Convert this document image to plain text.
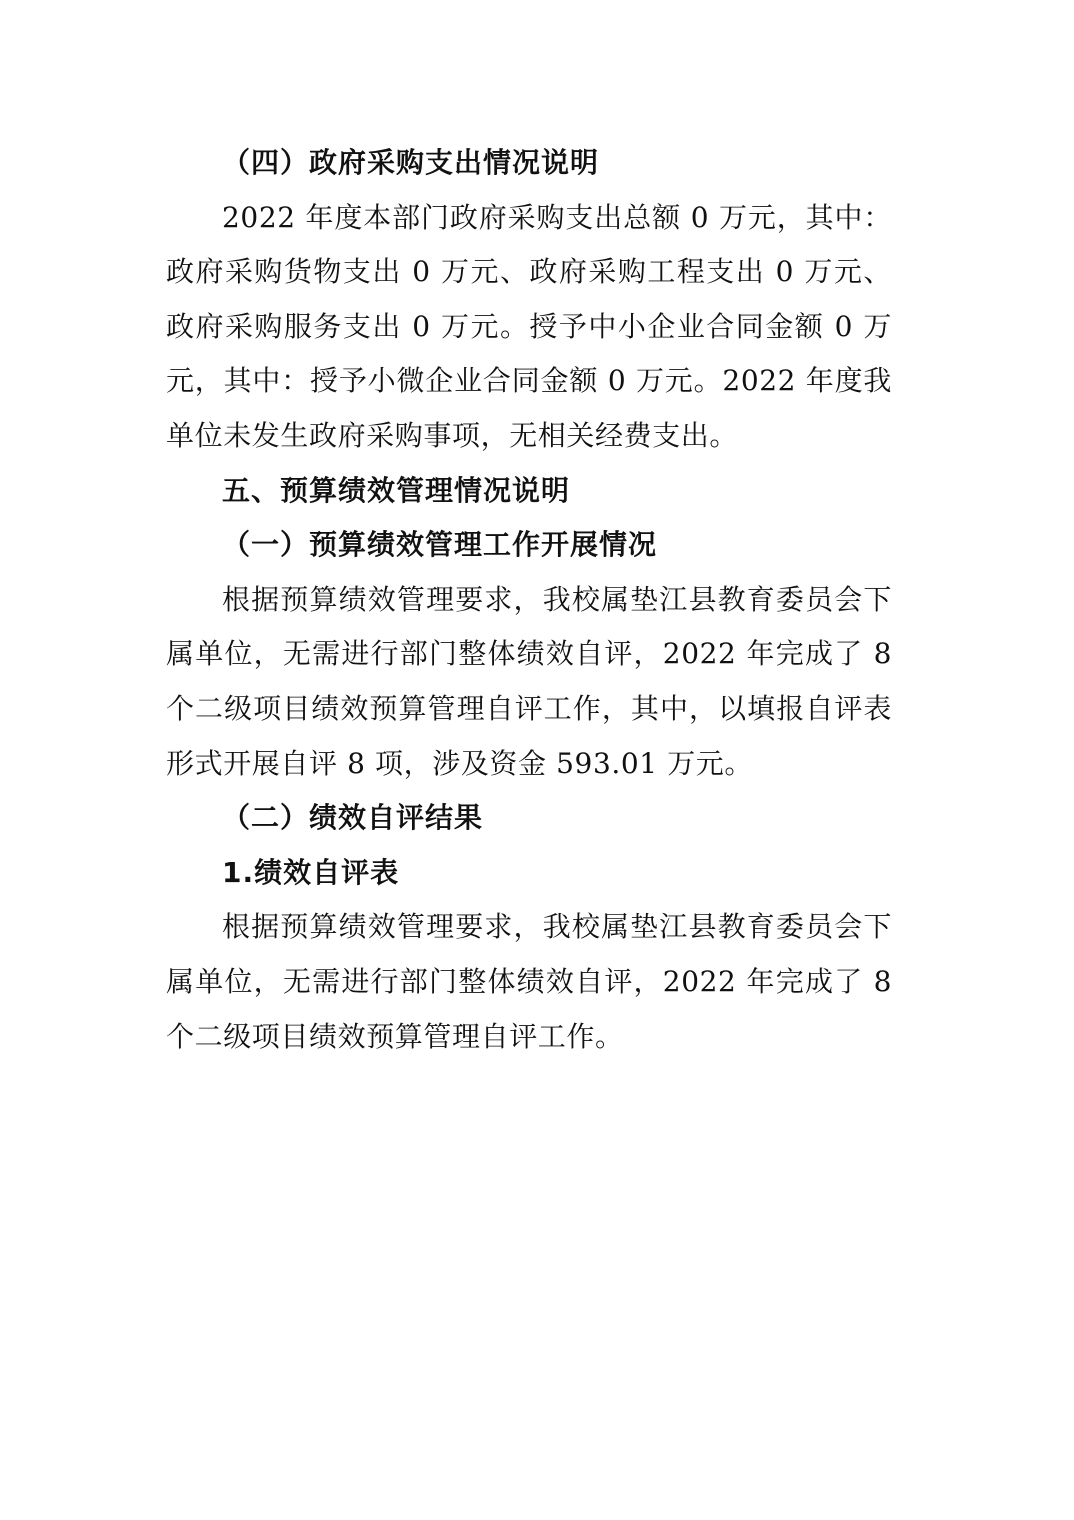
（四）政府采购支出情况说明

2022 年度本部门政府采购支出总额 0 万元，其中：政府采购货物支出 0 万元、政府采购工程支出 0 万元、政府采购服务支出 0 万元。授予中小企业合同金额 0 万元，其中：授予小微企业合同金额 0 万元。2022 年度我单位未发生政府采购事项，无相关经费支出。

五、预算绩效管理情况说明

（一）预算绩效管理工作开展情况

根据预算绩效管理要求，我校属垫江县教育委员会下属单位，无需进行部门整体绩效自评，2022 年完成了 8 个二级项目绩效预算管理自评工作，其中，以填报自评表形式开展自评 8 项，涉及资金 593.01 万元。

（二）绩效自评结果

1.绩效自评表

根据预算绩效管理要求，我校属垫江县教育委员会下属单位，无需进行部门整体绩效自评，2022 年完成了 8 个二级项目绩效预算管理自评工作。
